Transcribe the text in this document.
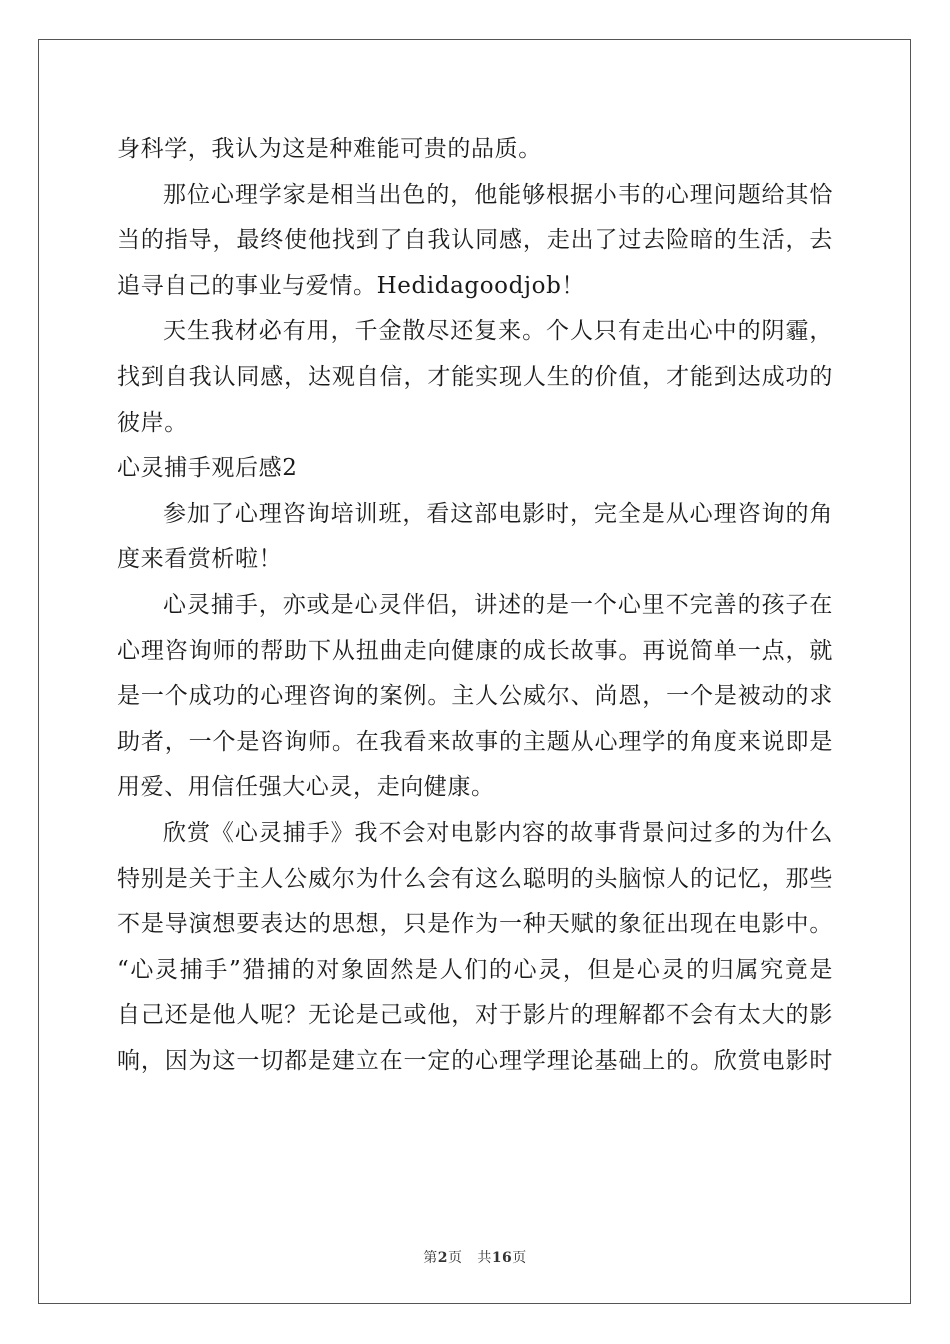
身科学，我认为这是种难能可贵的品质。
那位心理学家是相当出色的，他能够根据小韦的心理问题给其恰
当的指导，最终使他找到了自我认同感，走出了过去险暗的生活，去
追寻自己的事业与爱情。Hedidagoodjob！
天生我材必有用，千金散尽还复来。个人只有走出心中的阴霾，
找到自我认同感，达观自信，才能实现人生的价值，才能到达成功的
彼岸。
心灵捕手观后感2
参加了心理咨询培训班，看这部电影时，完全是从心理咨询的角
度来看赏析啦！
心灵捕手，亦或是心灵伴侣，讲述的是一个心里不完善的孩子在
心理咨询师的帮助下从扭曲走向健康的成长故事。再说简单一点，就
是一个成功的心理咨询的案例。主人公威尔、尚恩，一个是被动的求
助者，一个是咨询师。在我看来故事的主题从心理学的角度来说即是
用爱、用信任强大心灵，走向健康。
欣赏《心灵捕手》我不会对电影内容的故事背景问过多的为什么
特别是关于主人公威尔为什么会有这么聪明的头脑惊人的记忆，那些
不是导演想要表达的思想，只是作为一种天赋的象征出现在电影中。
“心灵捕手”猎捕的对象固然是人们的心灵，但是心灵的归属究竟是
自己还是他人呢？无论是己或他，对于影片的理解都不会有太大的影
响，因为这一切都是建立在一定的心理学理论基础上的。欣赏电影时
第2页 共16页
